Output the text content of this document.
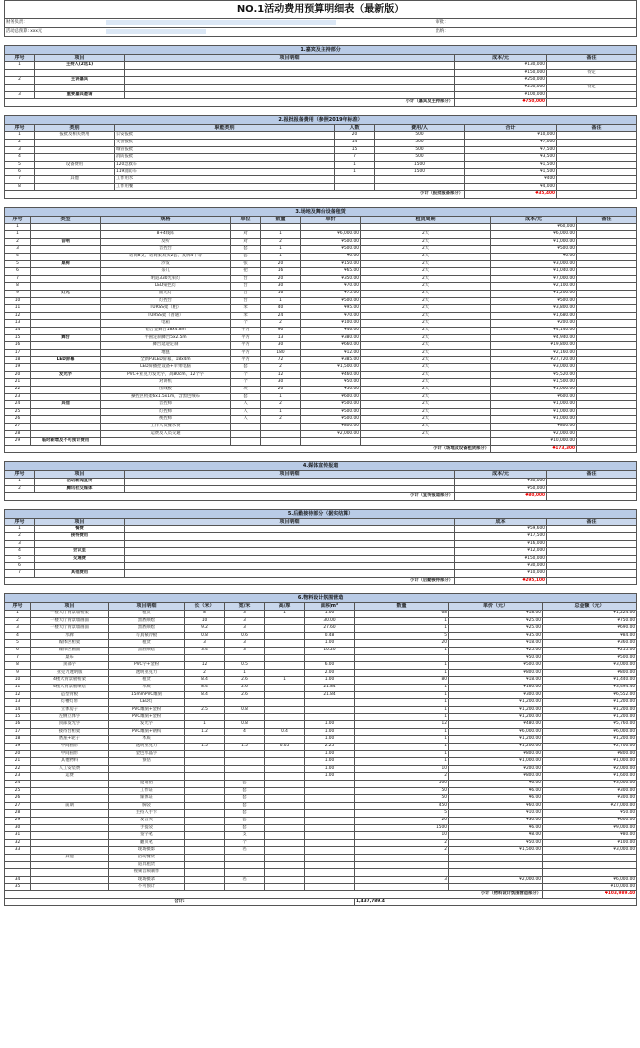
NO.1活动费用预算明细表（最新版）			
财务负责：		审批：	
活动总预算: xxx元		出纳：	
1.嘉宾及主持部分				
序号	项目	项目明细	成本/元	备注
1	主持人(2选1)		¥130,000	
			¥150,000	待定
2	主讲嘉宾		¥250,000	
			¥250,000	待定
3	重要嘉宾邀请		¥100,000	
小计（嘉宾及主持部分）			¥750,000	
2.报批报备费用（参照2019年标准）						
序号	类别	职能类别	人数	费用/人	合计	备注
1	报批及相关费用	公安报批	20	500	¥10,000	
2		交警报批	14	500	¥7,000	
3		城管报批	15	500	¥7,500	
4		消防报批	7	500	¥3,500	
5	设备费用	120急救车	1	1500	¥1,500	
6		119消防车	1	1500	¥1,500	
7	其他	工作用水			¥400	
8		工作用餐			¥4,000	
小计（报批报备部分）					¥35,400	
3.场地及舞台设备租赁								
序号	类型	规格	单位	数量	单价	租赁周期	成本/元	备注
1							¥60,000	
1		8+4线阵	对	1	¥6,000.00	2天	¥6,000.00	
2	音响	反听	对	2	¥500.00	2天	¥1,000.00	
3		音控台	套	1	¥500.00	2天	¥500.00	
4		话筒8支、话筒架双头2套、麦牌4个等	套	1	¥0.00	2天	¥0.00	
5	桌椅	沙发	张	20	¥150.00	2天	¥3,000.00	
6		茶几	把	16	¥65.00	2天	¥1,040.00	
7		明道330光束灯	台	20	¥350.00	2天	¥7,000.00	
8		LED染色灯	台	30	¥70.00	2天	¥2,100.00	
9	灯光	面光灯	台	16	¥75.00	2天	¥1,200.00	
10		灯控台	台	1	¥500.00	2天	¥500.00	
11		TURSS架（粗）	米	40	¥95.00	2天	¥3,800.00	
12		TURSS架（普通）	米	24	¥70.00	2天	¥1,680.00	
13		电箱	个	2	¥100.00	2天	¥200.00	
14		铝合金舞台18x4.8m	平方	90	¥46.00	2天	¥4,140.00	
15	舞台	半圆定制舞台5x2.5m	平方	13	¥380.00	2天	¥4,940.00	
16		舞台延迎定制	平方	30	¥660.00	2天	¥19,800.00	
17		地毯	平方	180	¥12.00	2天	¥2,160.00	
18	LED屏幕	全新P3LED屏幕，18x4m	平方	72	¥385.00	2天	¥27,720.00	
19		LED屏播控设备+苹果电脑	套	2	¥1,500.00	2天	¥3,000.00	
20	发光字	PVC+亚克力发光字，高80cm，12个字	个	12	¥460.00	2天	¥5,520.00	
21		对讲机	个	30	¥50.00	2天	¥1,500.00	
22		压线板	块	20	¥50.00	2天	¥1,000.00	
23		操控区桁架6x1.5x1m，含黑色绒布	套	1	¥600.00	2天	¥600.00	
24	其他	音控师	人	2	¥500.00	2天	¥1,000.00	
25		灯控师	人	1	¥500.00	2天	¥1,000.00	
26		视控师	人	2	¥500.00	2天	¥1,000.00	
27		工作人员餐水费			¥800.00	2天	¥800.00	
28		运费及人员交通			¥2,000.00	2天	¥2,000.00	
29	临时新增及不可预计费用						¥10,000.00	
小计（场地及设备租赁部分）							¥173,300	
4.媒体宣传报道				
序号	项目	项目明细	成本/元	备注
1	活动新闻宣传		¥30,000	
2	腾讯社交媒体		¥50,000	
小计（宣传报道部分）			¥80,000	
5.后勤接待部分（据实结算）				
序号	项目	项目明细	成本	备注
1	餐费		¥59,600	
2	接待费用		¥17,500	
3			¥16,000	
4	会议室		¥12,000	
5	交通费		¥150,000	
6			¥30,000	
7	其他费用		¥10,000	
小计（后勤接待部分）			¥295,100	
6.物料设计氛围营造									
序号	项目	项目明细	长（米）	宽/米	高/厚	面积m²	数量	单价（元）	总金额（元）
1	一楼大厅背景墙桁架	租赁	8	3	1	1.00	68	¥18.00	¥1,224.00
2	一楼大厅背景墙画面	黑底喷绘	10	3		30.00	1	¥25.00	¥750.00
3	一楼大厅背景墙画面	黑底喷绘	9.2	3		27.60	1	¥25.00	¥690.00
4	水牌	写真裱冷板	0.8	0.6		0.48	5	¥35.00	¥84.00
5	媒体区桁架	租赁	3	3		1.00	20	¥18.00	¥360.00
6	媒体区画面	黑底喷绘	3.4	3		10.20	1	¥25.00	¥255.00
7	桌布							¥50.00	¥500.00
8	顶部字	PVC字+金粉	12	0.5		6.00	1	¥500.00	¥3,000.00
9	亚克力透明版	透明亚克力	2	1		2.00	1	¥800.00	¥800.00
10	4楼大背景板桁架	租赁	8.4	2.6	1	1.00	80	¥18.00	¥1,440.00
11	4楼大背景板喷绘	木质	8.4	2.6		21.84	1	¥160.00	¥3,494.40
12	造型背板	15mmPVC雕刻	8.4	2.6		21.84	1	¥300.00	¥6,552.00
13	灯槽灯带	LED灯					1	¥1,200.00	¥1,200.00
14	立体房子	PVC雕刻+金粉	2.5	0.8			1	¥1,200.00	¥1,200.00
15	左侧立体字	PVC雕刻+金粉					1	¥1,200.00	¥1,200.00
16	顶部发光字	发光字	1	0.8		1.00	12	¥480.00	¥5,760.00
17	接待台桁架	PVC雕刻+钢构	1.2	4	0.4	1.00	1	¥6,000.00	¥6,000.00
18	底座+轮子	木质				1.00	1	¥1,200.00	¥1,200.00
19	中间圆形	透明亚克力	1.5	1.5	0.05	2.25	1	¥1,200.00	¥2,700.00
20	中间圆形	金色水晶字				1.00	1	¥800.00	¥800.00
21	其他物料	预估				1.00	1	¥1,000.00	¥1,000.00
22	人工安装费					1.00	10	¥200.00	¥2,000.00
23	运费					1.00	2	¥800.00	¥1,600.00
24		邀请函		套			500	¥6.00	¥3,000.00
25		工作证		套			50	¥6.00	¥300.00
26		媒体证		套			50	¥6.00	¥300.00
27	前期	胸袋		套			450	¥60.00	¥27,000.00
28		主持人手卡		套			5	¥10.00	¥50.00
29		发言夹		套			20	¥30.00	¥600.00
30		手提袋		套			1500	¥6.00	¥9,000.00
31		签字笔		支			10	¥8.00	¥80.00
32		翻页笔		个			2	¥50.00	¥100.00
33		现场摄影		名			2	¥1,500.00	¥3,000.00
	其他	活动餐费							
		道具租赁							
		视频音频制作							
34		现场摄录		名			3	¥2,000.00	¥6,000.00
35		不可预计							¥10,000.00
小计（物料设计氛围营造部分）									¥103,989.40
合计:							1,437,789.4		
